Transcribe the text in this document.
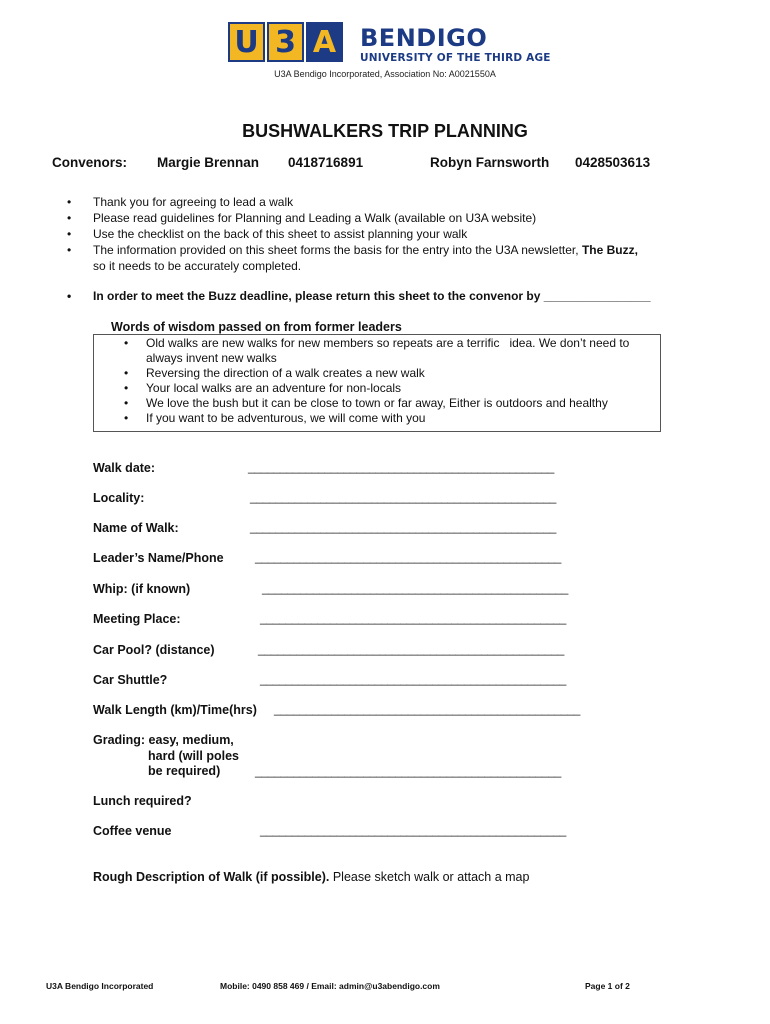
U 3 A BENDIGO
UNIVERSITY OF THE THIRD AGE
U3A Bendigo Incorporated, Association No: A0021550A
BUSHWALKERS TRIP PLANNING
Convenors: Margie Brennan 0418716891	Robyn Farnsworth 0428503613
• Thank you for agreeing to lead a walk
• Please read guidelines for Planning and Leading a Walk (available on U3A website)
• Use the checklist on the back of this sheet to assist planning your walk
• The information provided on this sheet forms the basis for the entry into the U3A newsletter, The Buzz,
so it needs to be accurately completed.
• In order to meet the Buzz deadline, please return this sheet to the convenor by ________________
Words of wisdom passed on from former leaders
• Old walks are new walks for new members so repeats are a terrific   idea. We don’t need to always invent new walks
• Reversing the direction of a walk creates a new walk
• Your local walks are an adventure for non-locals
• We love the bush but it can be close to town or far away, Either is outdoors and healthy
• If you want to be adventurous, we will come with you
Walk date:	________________________________________________
Locality:	________________________________________________
Name of Walk:	________________________________________________
Leader’s Name/Phone	________________________________________________
Whip: (if known)	________________________________________________
Meeting Place:	________________________________________________
Car Pool? (distance)	________________________________________________
Car Shuttle?	________________________________________________
Walk Length (km)/Time(hrs) ________________________________________________
Grading: easy, medium,
hard (will poles
be required)	________________________________________________
Lunch required?
Coffee venue	________________________________________________
Rough Description of Walk (if possible). Please sketch walk or attach a map
U3A Bendigo Incorporated	Mobile: 0490 858 469 / Email: admin@u3abendigo.com	Page 1 of 2
